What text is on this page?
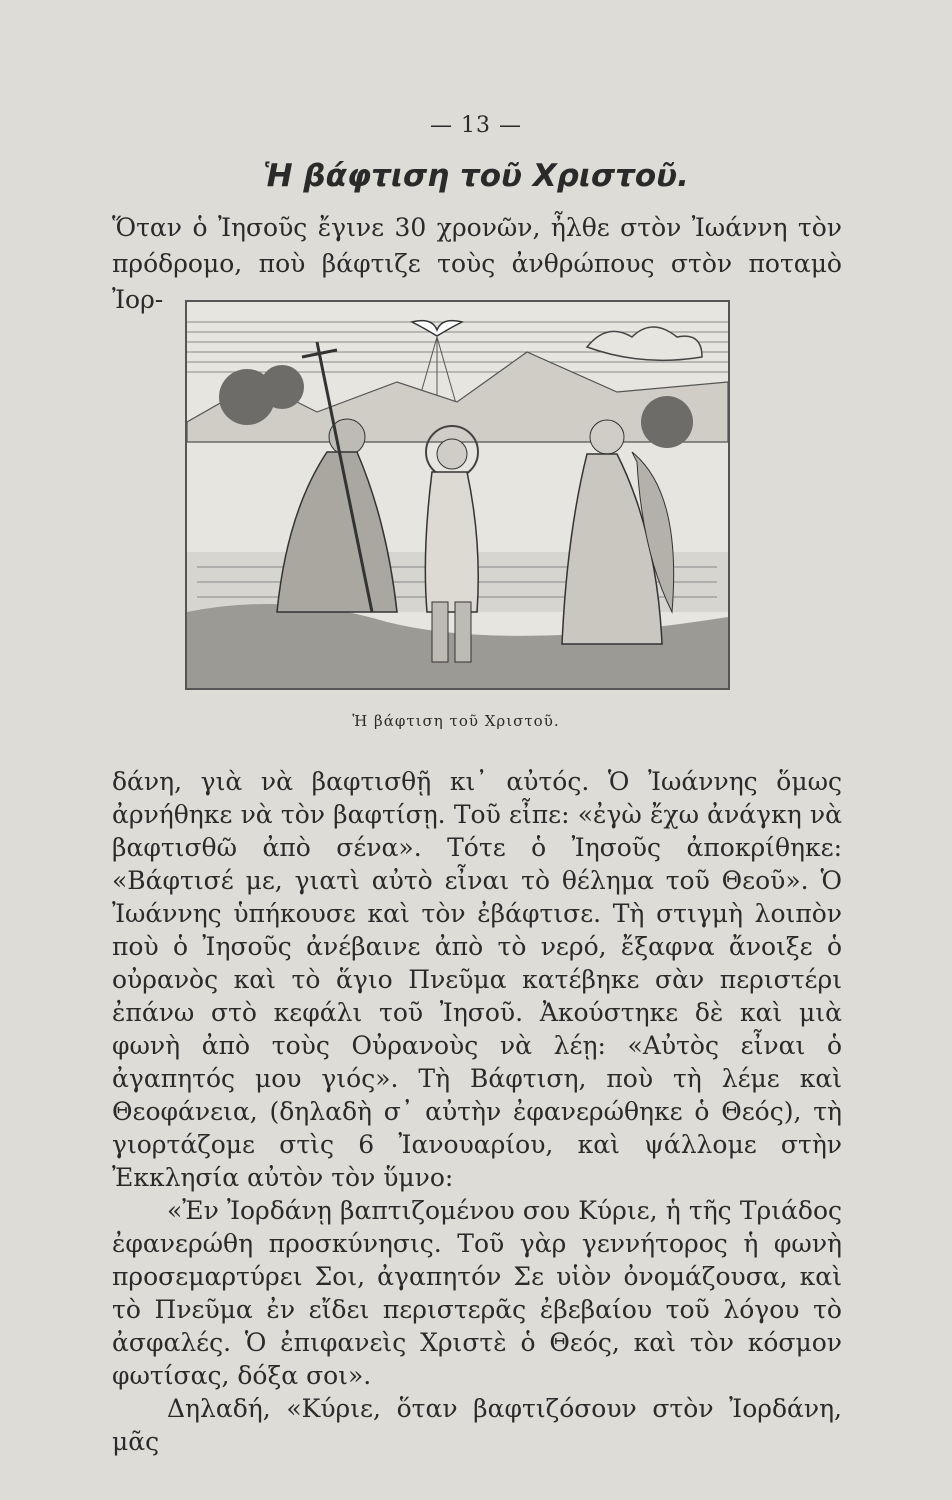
— 13 —
Ἡ βάφτιση τοῦ Χριστοῦ.
Ὅταν ὁ Ἰησοῦς ἔγινε 30 χρονῶν, ἦλθε στὸν Ἰωάννη τὸν πρόδρομο, ποὺ βάφτιζε τοὺς ἀνθρώπους στὸν ποταμὸ Ἰορ-
Ἡ βάφτιση τοῦ Χριστοῦ.

δάνη, γιὰ νὰ βαφτισθῇ κι᾿ αὐτός. Ὁ Ἰωάννης ὅμως ἀρνήθηκε νὰ τὸν βαφτίσῃ. Τοῦ εἶπε: «ἐγὼ ἔχω ἀνάγκη νὰ βαφτισθῶ ἀπὸ σένα». Τότε ὁ Ἰησοῦς ἀποκρίθηκε: «Βάφτισέ με, γιατὶ αὐτὸ εἶναι τὸ θέλημα τοῦ Θεοῦ». Ὁ Ἰωάννης ὑπήκουσε καὶ τὸν ἐβάφτισε. Τὴ στιγμὴ λοιπὸν ποὺ ὁ Ἰησοῦς ἀνέβαινε ἀπὸ τὸ νερό, ἔξαφνα ἄνοιξε ὁ οὐρανὸς καὶ τὸ ἅγιο Πνεῦμα κατέβηκε σὰν περιστέρι ἐπάνω στὸ κεφάλι τοῦ Ἰησοῦ. Ἀκούστηκε δὲ καὶ μιὰ φωνὴ ἀπὸ τοὺς Οὐρανοὺς νὰ λέῃ: «Αὐτὸς εἶναι ὁ ἀγαπητός μου γιός». Τὴ Βάφτιση, ποὺ τὴ λέμε καὶ Θεοφάνεια, (δηλαδὴ σ᾿ αὐτὴν ἐφανερώθηκε ὁ Θεός), τὴ γιορτάζομε στὶς 6 Ἰανουαρίου, καὶ ψάλλομε στὴν Ἐκκλησία αὐτὸν τὸν ὕμνο:

«Ἐν Ἰορδάνῃ βαπτιζομένου σου Κύριε, ἡ τῆς Τριάδος ἐφανερώθη προσκύνησις. Τοῦ γὰρ γεννήτορος ἡ φωνὴ προσεμαρτύρει Σοι, ἀγαπητόν Σε υἱὸν ὀνομάζουσα, καὶ τὸ Πνεῦμα ἐν εἴδει περιστερᾶς ἐβεβαίου τοῦ λόγου τὸ ἀσφαλές. Ὁ ἐπιφανεὶς Χριστὲ ὁ Θεός, καὶ τὸν κόσμον φωτίσας, δόξα σοι».

Δηλαδή, «Κύριε, ὅταν βαφτιζόσουν στὸν Ἰορδάνη, μᾶς
